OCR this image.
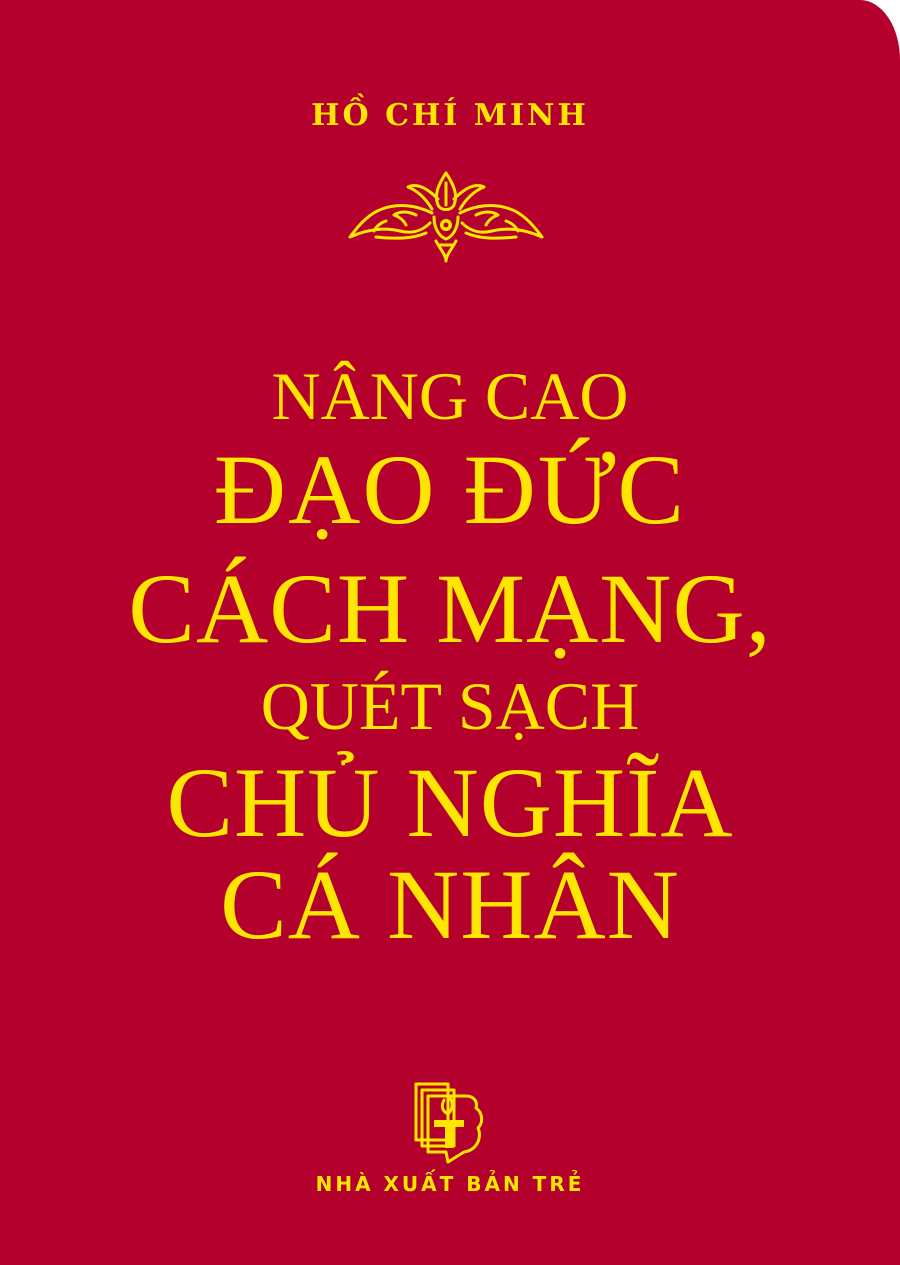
HỒ CHÍ MINH
NÂNG CAO
ĐẠO ĐỨC
CÁCH MẠNG,
QUÉT SẠCH
CHỦ NGHĨA
CÁ NHÂN
NHÀ XUẤT BẢN TRẺ
